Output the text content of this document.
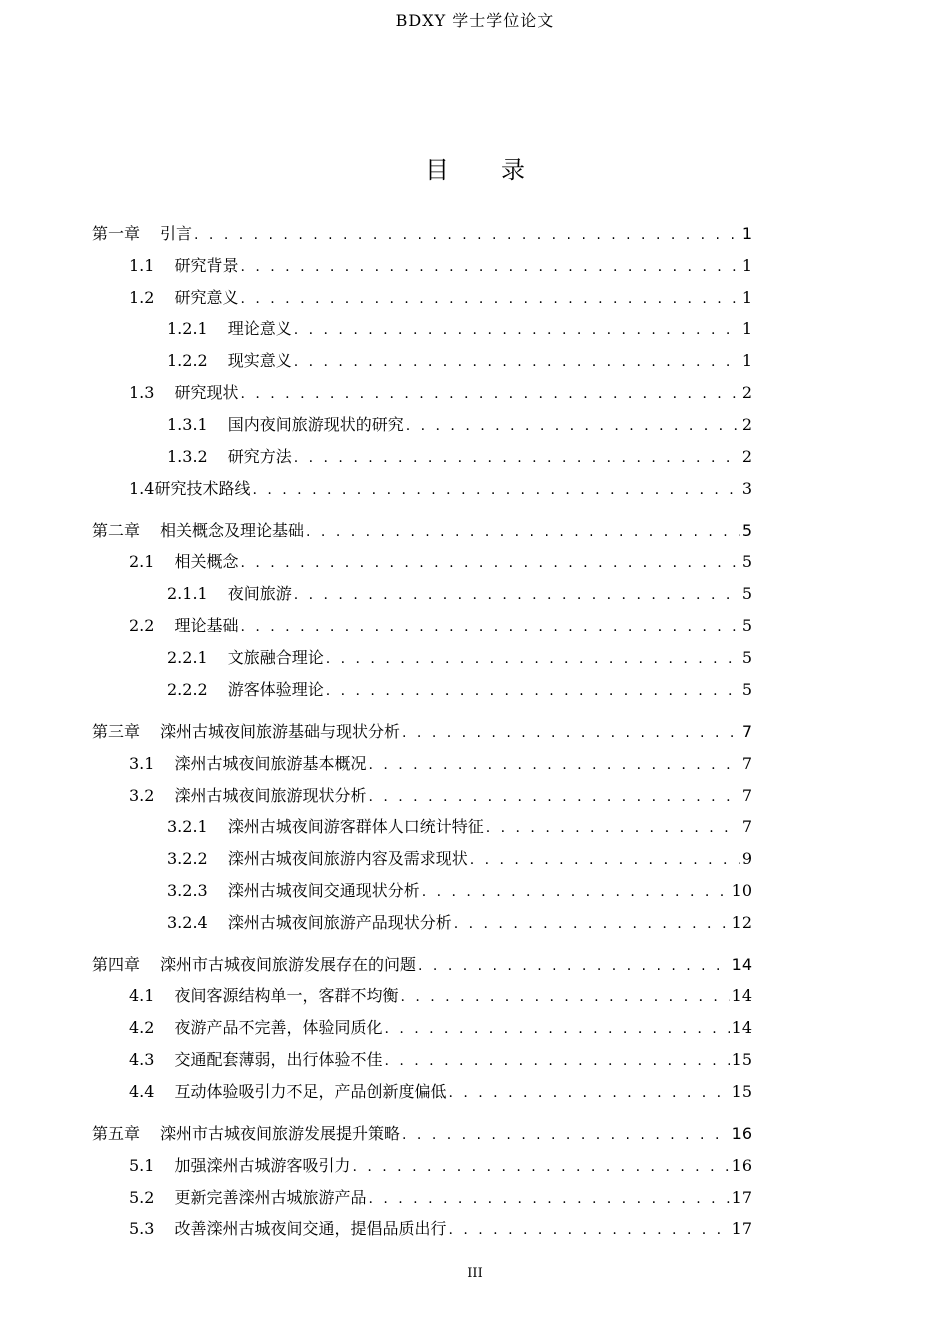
BDXY 学士学位论文
目 录
第一章 引言 . . .	1
1.1 研究背景 . . .	1
1.2 研究意义 . . .	1
1.2.1 理论意义 . . .	1
1.2.2 现实意义 . . .	1
1.3 研究现状 . . .	2
1.3.1 国内夜间旅游现状的研究 . . .	2
1.3.2 研究方法 . . .	2
1.4 研究技术路线 . . .	3
第二章 相关概念及理论基础 . . .	5
2.1 相关概念 . . .	5
2.1.1 夜间旅游 . . .	5
2.2 理论基础 . . .	5
2.2.1 文旅融合理论 . . .	5
2.2.2 游客体验理论 . . .	5
第三章 滦州古城夜间旅游基础与现状分析 . . .	7
3.1 滦州古城夜间旅游基本概况 . . .	7
3.2 滦州古城夜间旅游现状分析 . . .	7
3.2.1 滦州古城夜间游客群体人口统计特征 . . .	7
3.2.2 滦州古城夜间旅游内容及需求现状 . . .	9
3.2.3 滦州古城夜间交通现状分析 . . .	10
3.2.4 滦州古城夜间旅游产品现状分析 . . .	12
第四章 滦州市古城夜间旅游发展存在的问题 . . .	14
4.1 夜间客源结构单一，客群不均衡 . . .	14
4.2 夜游产品不完善，体验同质化 . . .	14
4.3 交通配套薄弱，出行体验不佳 . . .	15
4.4 互动体验吸引力不足，产品创新度偏低 . . .	15
第五章 滦州市古城夜间旅游发展提升策略 . . .	16
5.1 加强滦州古城游客吸引力 . . .	16
5.2 更新完善滦州古城旅游产品 . . .	17
5.3 改善滦州古城夜间交通，提倡品质出行 . . .	17
III
